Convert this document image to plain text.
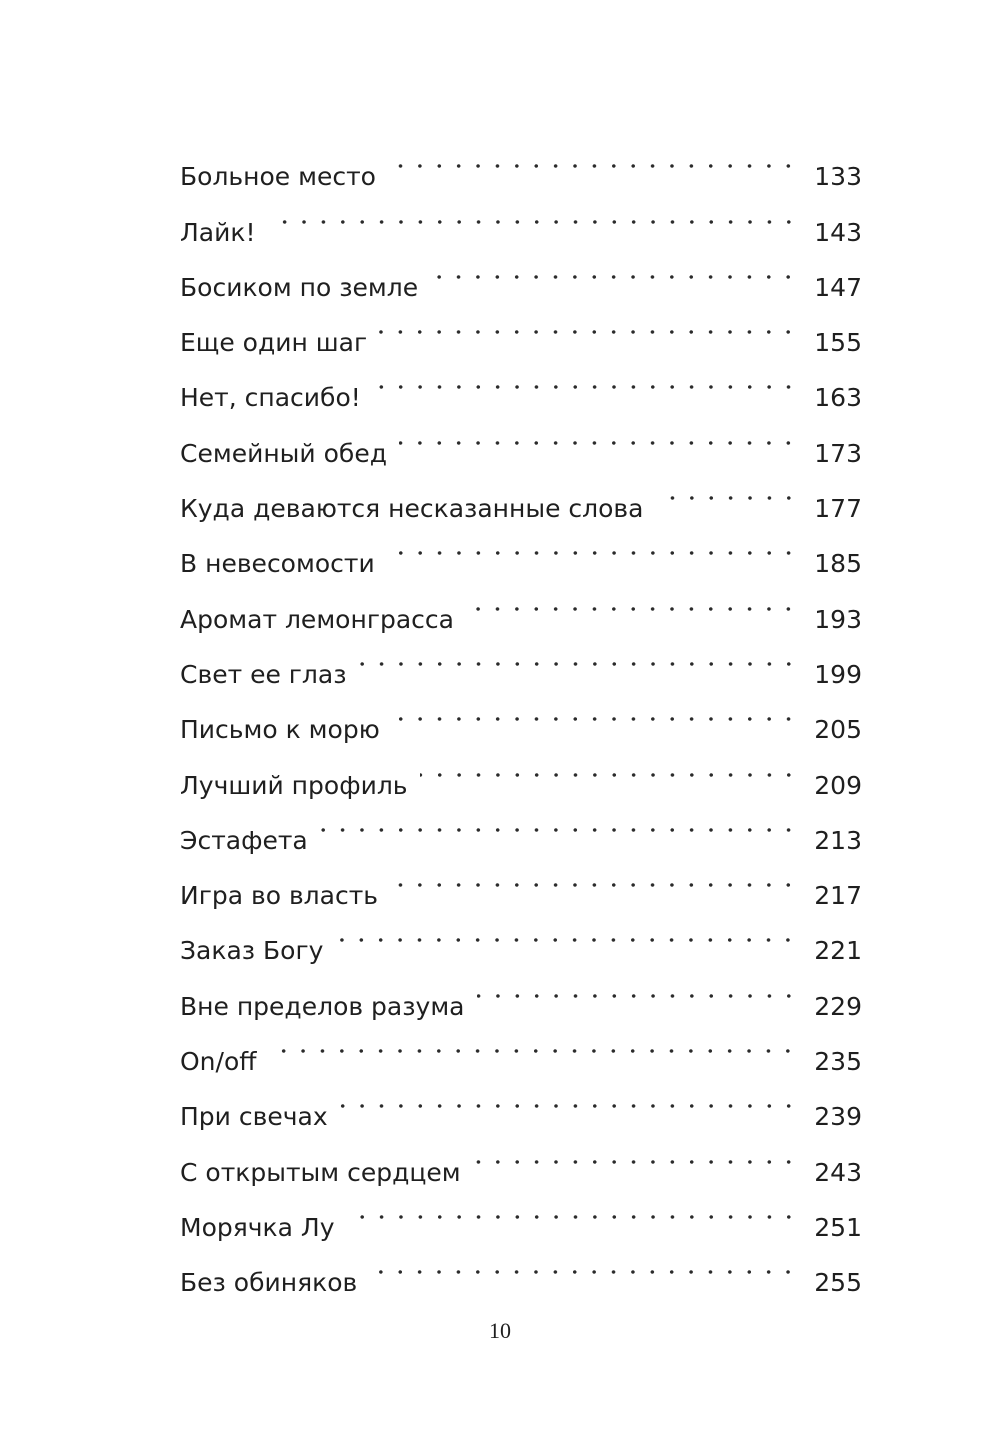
Больное место	133
Лайк!	143
Босиком по земле	147
Еще один шаг	155
Нет, спасибо!	163
Семейный обед	173
Куда деваются несказанные слова	177
В невесомости	185
Аромат лемонграсса	193
Свет ее глаз	199
Письмо к морю	205
Лучший профиль	209
Эстафета	213
Игра во власть	217
Заказ Богу	221
Вне пределов разума	229
On/off	235
При свечах	239
С открытым сердцем	243
Морячка Лу	251
Без обиняков	255
10
